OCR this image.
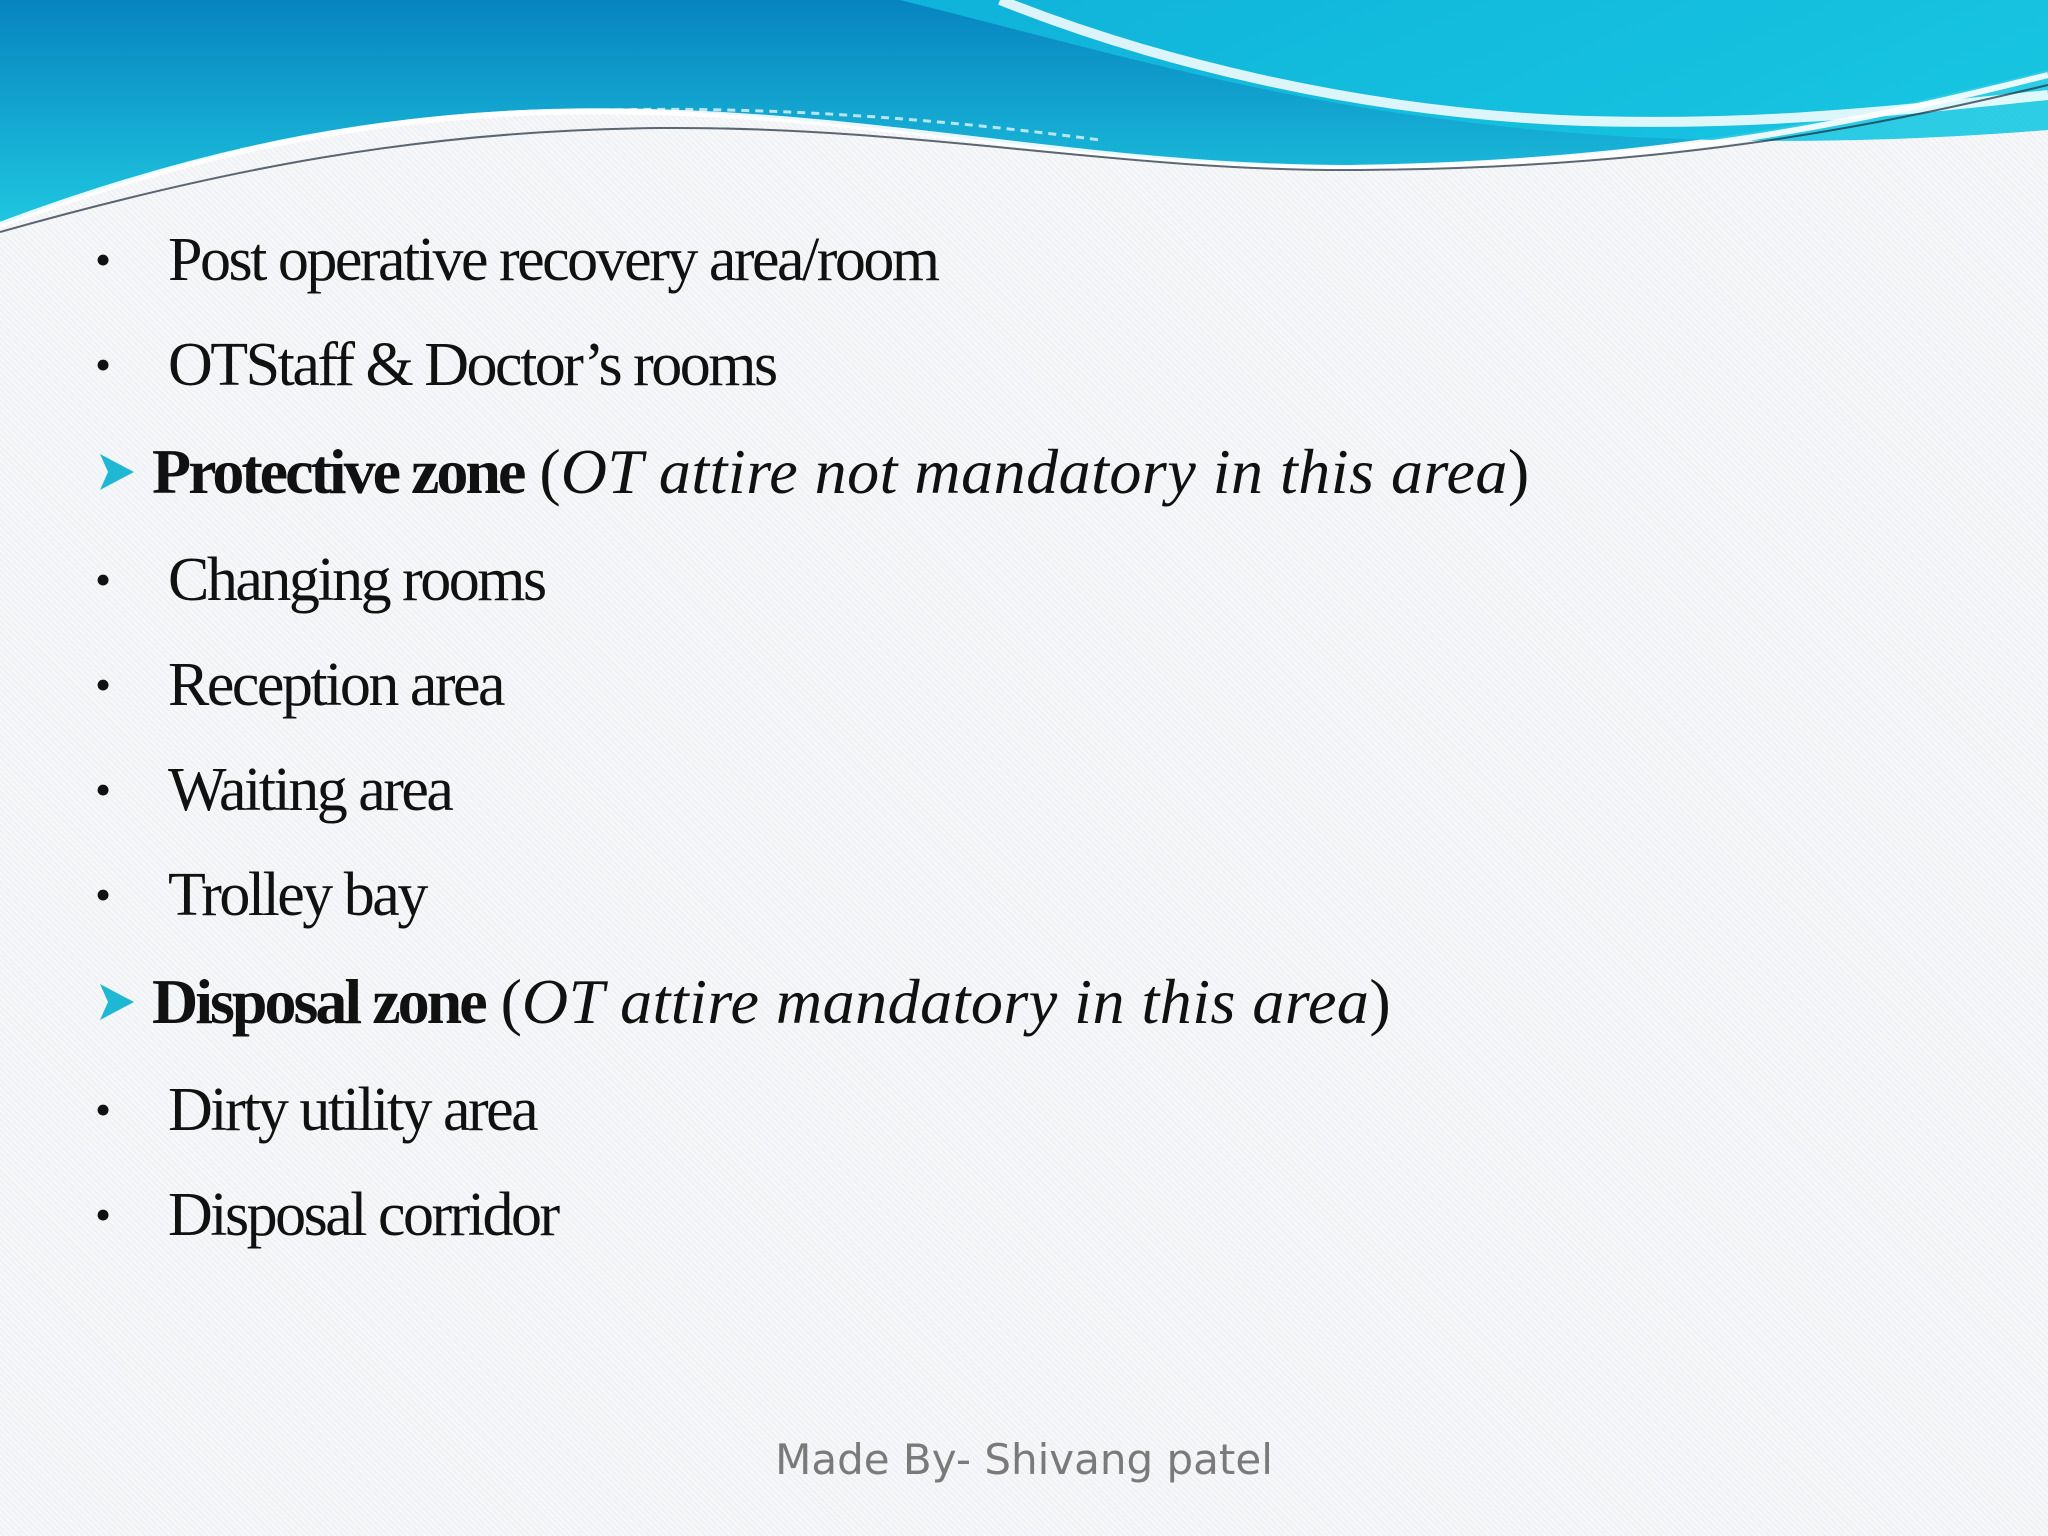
• Post operative recovery area/room
• OTStaff & Doctor’s rooms
Protective zone (OT attire not mandatory in this area)
• Changing rooms
• Reception area
• Waiting area
• Trolley bay
Disposal zone (OT attire mandatory in this area)
• Dirty utility area
• Disposal corridor
Made By- Shivang patel
